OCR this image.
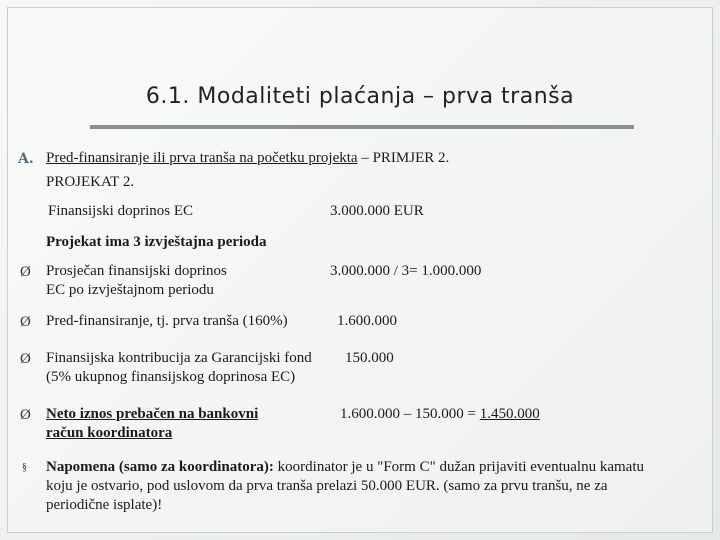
6.1. Modaliteti plaćanja – prva tranša
A. Pred-finansiranje ili prva tranša na početku projekta – PRIMJER 2.
PROJEKAT 2.
Finansijski doprinos EC	3.000.000 EUR
Projekat ima 3 izvještajna perioda
Ø Prosječan finansijski doprinos
EC po izvještajnom periodu
3.000.000 / 3= 1.000.000
Ø Pred-finansiranje, tj. prva tranša (160%)	1.600.000
Ø Finansijska kontribucija za Garancijski fond
(5% ukupnog finansijskog doprinosa EC)
150.000
Ø Neto iznos prebačen na bankovni
račun koordinatora
1.600.000 – 150.000 = 1.450.000
§ Napomena (samo za koordinatora): koordinator je u "Form C" dužan prijaviti eventualnu kamatu
koju je ostvario, pod uslovom da prva tranša prelazi 50.000 EUR. (samo za prvu tranšu, ne za
periodične isplate)!
